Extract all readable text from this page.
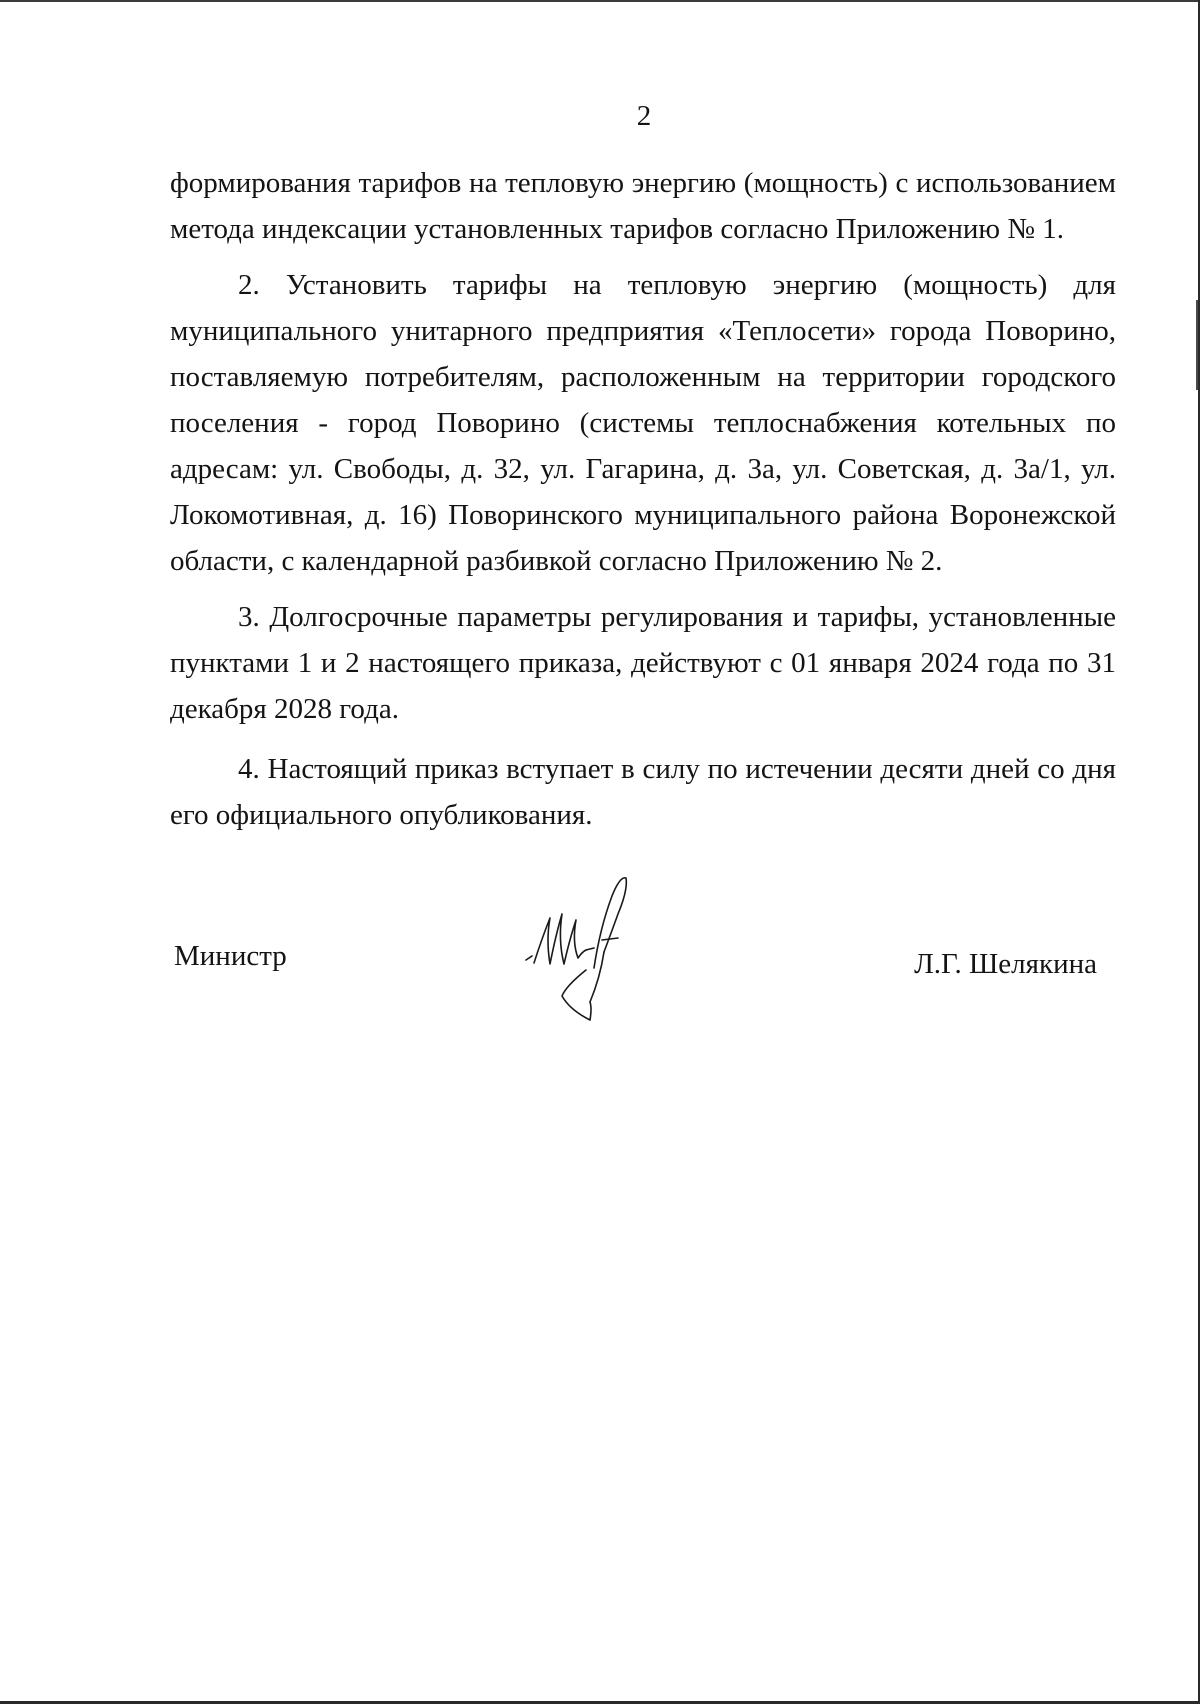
2

формирования тарифов на тепловую энергию (мощность) с использованием метода индексации установленных тарифов согласно Приложению № 1.

2. Установить тарифы на тепловую энергию (мощность) для муниципального унитарного предприятия «Теплосети» города Поворино, поставляемую потребителям, расположенным на территории городского поселения - город Поворино (системы теплоснабжения котельных по адресам: ул. Свободы, д. 32, ул. Гагарина, д. 3а, ул. Советская, д. 3а/1, ул. Локомотивная, д. 16) Поворинского муниципального района Воронежской области, с календарной разбивкой согласно Приложению № 2.

3. Долгосрочные параметры регулирования и тарифы, установленные пунктами 1 и 2 настоящего приказа, действуют с 01 января 2024 года по 31 декабря 2028 года.

4. Настоящий приказ вступает в силу по истечении десяти дней со дня его официального опубликования.

Министр	Л.Г. Шелякина
